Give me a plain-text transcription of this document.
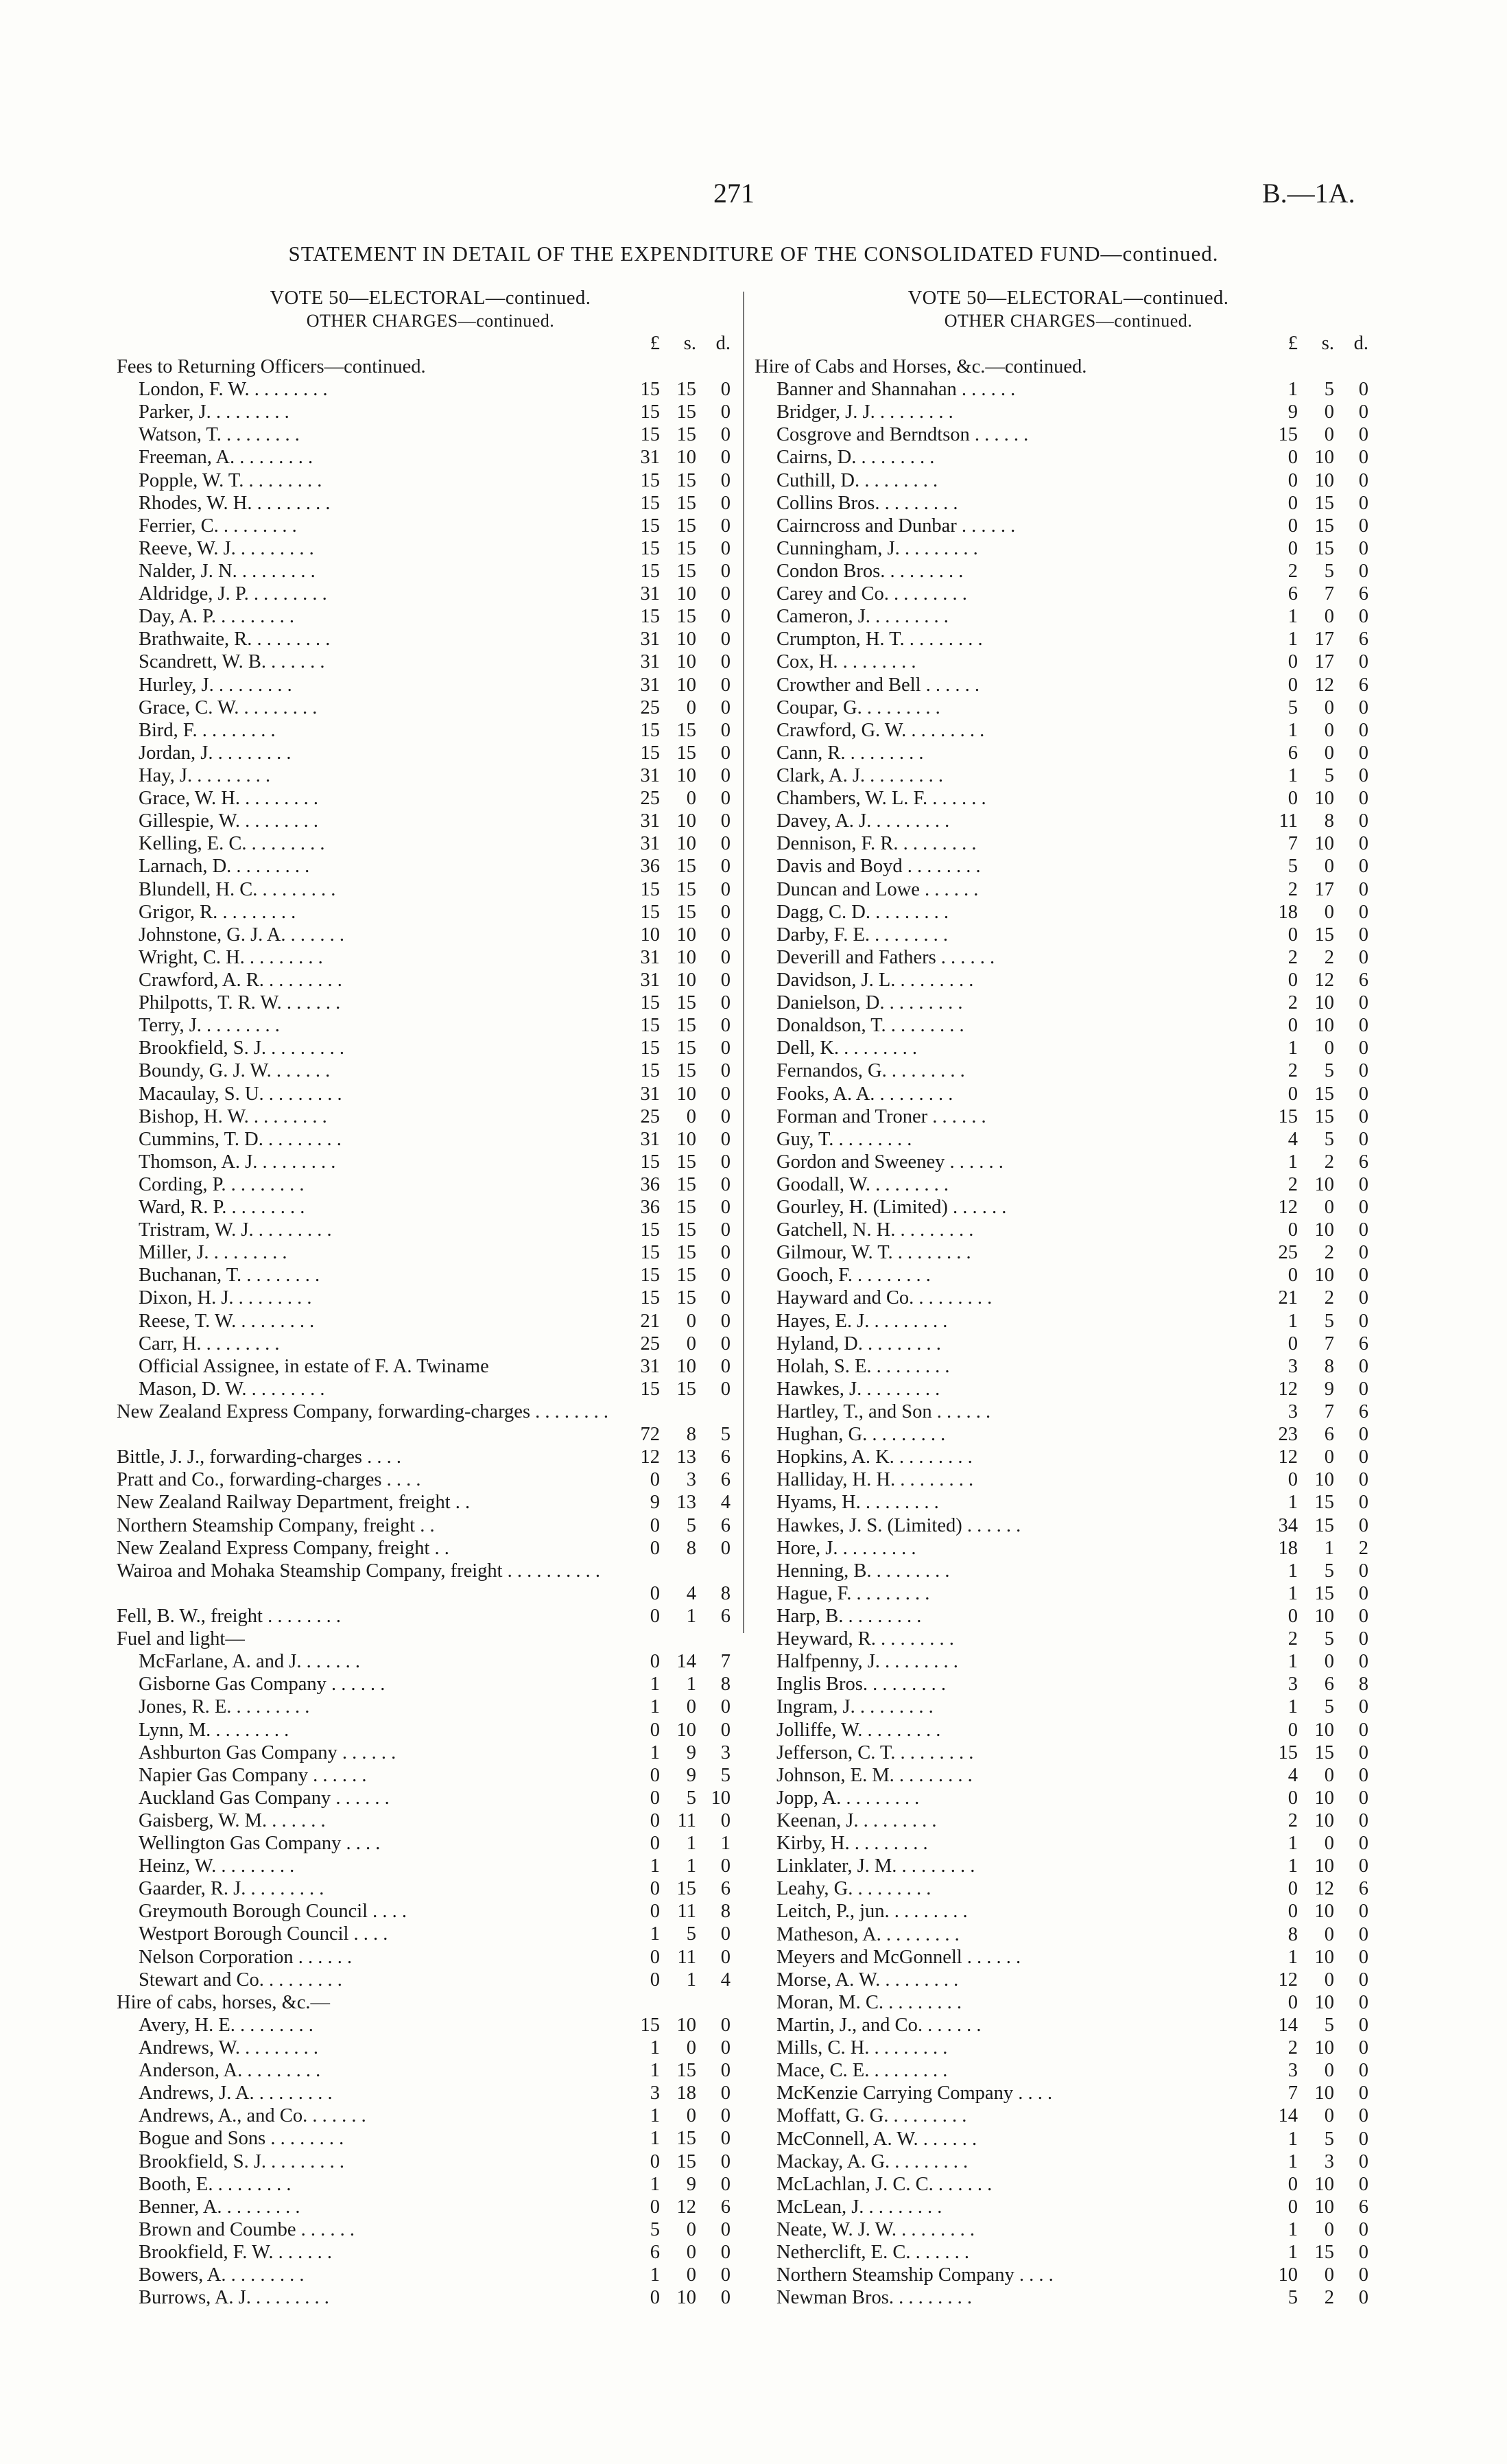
271	B.—1A.
STATEMENT IN DETAIL OF THE EXPENDITURE OF THE CONSOLIDATED FUND—continued.
VOTE 50—ELECTORAL—continued.
OTHER CHARGES—continued.
£	s.	d.
Fees to Returning Officers—continued.
London, F. W. . . . . . . . .	15 15	0
Parker, J. . . . . . . . .	15 15	0
Watson, T. . . . . . . . .	15 15	0
Freeman, A. . . . . . . . .	31 10	0
Popple, W. T. . . . . . . . .	15 15	0
Rhodes, W. H. . . . . . . . .	15 15	0
Ferrier, C. . . . . . . . .	15 15	0
Reeve, W. J. . . . . . . . .	15 15	0
Nalder, J. N. . . . . . . . .	15 15	0
Aldridge, J. P. . . . . . . . .	31 10	0
Day, A. P. . . . . . . . .	15 15	0
Brathwaite, R. . . . . . . . .	31 10	0
Scandrett, W. B. . . . . . .	31 10	0
Hurley, J. . . . . . . . .	31 10	0
Grace, C. W. . . . . . . . .	25	0	0
Bird, F. . . . . . . . .	15 15	0
Jordan, J. . . . . . . . .	15 15	0
Hay, J. . . . . . . . .	31 10	0
Grace, W. H. . . . . . . . .	25	0	0
Gillespie, W. . . . . . . . .	31 10	0
Kelling, E. C. . . . . . . . .	31 10	0
Larnach, D. . . . . . . . .	36 15	0
Blundell, H. C. . . . . . . . .	15 15	0
Grigor, R. . . . . . . . .	15 15	0
Johnstone, G. J. A. . . . . . .	10 10	0
Wright, C. H. . . . . . . . .	31 10	0
Crawford, A. R. . . . . . . . .	31 10	0
Philpotts, T. R. W. . . . . . .	15 15	0
Terry, J. . . . . . . . .	15 15	0
Brookfield, S. J. . . . . . . . .	15 15	0
Boundy, G. J. W. . . . . . .	15 15	0
Macaulay, S. U. . . . . . . . .	31 10	0
Bishop, H. W. . . . . . . . .	25	0	0
Cummins, T. D. . . . . . . . .	31 10	0
Thomson, A. J. . . . . . . . .	15 15	0
Cording, P. . . . . . . . .	36 15	0
Ward, R. P. . . . . . . . .	36 15	0
Tristram, W. J. . . . . . . . .	15 15	0
Miller, J. . . . . . . . .	15 15	0
Buchanan, T. . . . . . . . .	15 15	0
Dixon, H. J. . . . . . . . .	15 15	0
Reese, T. W. . . . . . . . .	21	0	0
Carr, H. . . . . . . . .	25	0	0
Official Assignee, in estate of F. A. Twiname	31 10	0
Mason, D. W. . . . . . . . .	15 15	0
New Zealand Express Company, forwarding-charges . . . . . . . .
72	8	5
Bittle, J. J., forwarding-charges . . . .	12 13	6
Pratt and Co., forwarding-charges . . . .	0	3	6
New Zealand Railway Department, freight . .	9 13	4
Northern Steamship Company, freight . .	0	5	6
New Zealand Express Company, freight . .	0	8	0
Wairoa and Mohaka Steamship Company, freight . . . . . . . . . .
0	4	8
Fell, B. W., freight . . . . . . . .	0	1	6
Fuel and light—
McFarlane, A. and J. . . . . . .	0 14	7
Gisborne Gas Company . . . . . .	1	1	8
Jones, R. E. . . . . . . . .	1	0	0
Lynn, M. . . . . . . . .	0 10	0
Ashburton Gas Company . . . . . .	1	9	3
Napier Gas Company . . . . . .	0	9	5
Auckland Gas Company . . . . . .	0	5 10
Gaisberg, W. M. . . . . . .	0 11	0
Wellington Gas Company . . . .	0	1	1
Heinz, W. . . . . . . . .	1	1	0
Gaarder, R. J. . . . . . . . .	0 15	6
Greymouth Borough Council . . . .	0 11	8
Westport Borough Council . . . .	1	5	0
Nelson Corporation . . . . . .	0 11	0
Stewart and Co. . . . . . . . .	0	1	4
Hire of cabs, horses, &c.—
Avery, H. E. . . . . . . . .	15 10	0
Andrews, W. . . . . . . . .	1	0	0
Anderson, A. . . . . . . . .	1 15	0
Andrews, J. A. . . . . . . . .	3 18	0
Andrews, A., and Co. . . . . . .	1	0	0
Bogue and Sons . . . . . . . .	1 15	0
Brookfield, S. J. . . . . . . . .	0 15	0
Booth, E. . . . . . . . .	1	9	0
Benner, A. . . . . . . . .	0 12	6
Brown and Coumbe . . . . . .	5	0	0
Brookfield, F. W. . . . . . .	6	0	0
Bowers, A. . . . . . . . .	1	0	0
Burrows, A. J. . . . . . . . .	0 10	0
VOTE 50—ELECTORAL—continued.
OTHER CHARGES—continued.
£	s.	d.
Hire of Cabs and Horses, &c.—continued.
Banner and Shannahan . . . . . .	1	5	0
Bridger, J. J. . . . . . . . .	9	0	0
Cosgrove and Berndtson . . . . . .	15	0	0
Cairns, D. . . . . . . . .	0 10	0
Cuthill, D. . . . . . . . .	0 10	0
Collins Bros. . . . . . . . .	0 15	0
Cairncross and Dunbar . . . . . .	0 15	0
Cunningham, J. . . . . . . . .	0 15	0
Condon Bros. . . . . . . . .	2	5	0
Carey and Co. . . . . . . . .	6	7	6
Cameron, J. . . . . . . . .	1	0	0
Crumpton, H. T. . . . . . . . .	1 17	6
Cox, H. . . . . . . . .	0 17	0
Crowther and Bell . . . . . .	0 12	6
Coupar, G. . . . . . . . .	5	0	0
Crawford, G. W. . . . . . . . .	1	0	0
Cann, R. . . . . . . . .	6	0	0
Clark, A. J. . . . . . . . .	1	5	0
Chambers, W. L. F. . . . . . .	0 10	0
Davey, A. J. . . . . . . . .	11	8	0
Dennison, F. R. . . . . . . . .	7 10	0
Davis and Boyd . . . . . . . .	5	0	0
Duncan and Lowe . . . . . .	2 17	0
Dagg, C. D. . . . . . . . .	18	0	0
Darby, F. E. . . . . . . . .	0 15	0
Deverill and Fathers . . . . . .	2	2	0
Davidson, J. L. . . . . . . . .	0 12	6
Danielson, D. . . . . . . . .	2 10	0
Donaldson, T. . . . . . . . .	0 10	0
Dell, K. . . . . . . . .	1	0	0
Fernandos, G. . . . . . . . .	2	5	0
Fooks, A. A. . . . . . . . .	0 15	0
Forman and Troner . . . . . .	15 15	0
Guy, T. . . . . . . . .	4	5	0
Gordon and Sweeney . . . . . .	1	2	6
Goodall, W. . . . . . . . .	2 10	0
Gourley, H. (Limited) . . . . . .	12	0	0
Gatchell, N. H. . . . . . . . .	0 10	0
Gilmour, W. T. . . . . . . . .	25	2	0
Gooch, F. . . . . . . . .	0 10	0
Hayward and Co. . . . . . . . .	21	2	0
Hayes, E. J. . . . . . . . .	1	5	0
Hyland, D. . . . . . . . .	0	7	6
Holah, S. E. . . . . . . . .	3	8	0
Hawkes, J. . . . . . . . .	12	9	0
Hartley, T., and Son . . . . . .	3	7	6
Hughan, G. . . . . . . . .	23	6	0
Hopkins, A. K. . . . . . . . .	12	0	0
Halliday, H. H. . . . . . . . .	0 10	0
Hyams, H. . . . . . . . .	1 15	0
Hawkes, J. S. (Limited) . . . . . .	34 15	0
Hore, J. . . . . . . . .	18	1	2
Henning, B. . . . . . . . .	1	5	0
Hague, F. . . . . . . . .	1 15	0
Harp, B. . . . . . . . .	0 10	0
Heyward, R. . . . . . . . .	2	5	0
Halfpenny, J. . . . . . . . .	1	0	0
Inglis Bros. . . . . . . . .	3	6	8
Ingram, J. . . . . . . . .	1	5	0
Jolliffe, W. . . . . . . . .	0 10	0
Jefferson, C. T. . . . . . . . .	15 15	0
Johnson, E. M. . . . . . . . .	4	0	0
Jopp, A. . . . . . . . .	0 10	0
Keenan, J. . . . . . . . .	2 10	0
Kirby, H. . . . . . . . .	1	0	0
Linklater, J. M. . . . . . . . .	1 10	0
Leahy, G. . . . . . . . .	0 12	6
Leitch, P., jun. . . . . . . . .	0 10	0
Matheson, A. . . . . . . . .	8	0	0
Meyers and McGonnell . . . . . .	1 10	0
Morse, A. W. . . . . . . . .	12	0	0
Moran, M. C. . . . . . . . .	0 10	0
Martin, J., and Co. . . . . . .	14	5	0
Mills, C. H. . . . . . . . .	2 10	0
Mace, C. E. . . . . . . . .	3	0	0
McKenzie Carrying Company . . . .	7 10	0
Moffatt, G. G. . . . . . . . .	14	0	0
McConnell, A. W. . . . . . .	1	5	0
Mackay, A. G. . . . . . . . .	1	3	0
McLachlan, J. C. C. . . . . . .	0 10	0
McLean, J. . . . . . . . .	0 10	6
Neate, W. J. W. . . . . . . . .	1	0	0
Netherclift, E. C. . . . . . .	1 15	0
Northern Steamship Company . . . .	10	0	0
Newman Bros. . . . . . . . .	5	2	0
